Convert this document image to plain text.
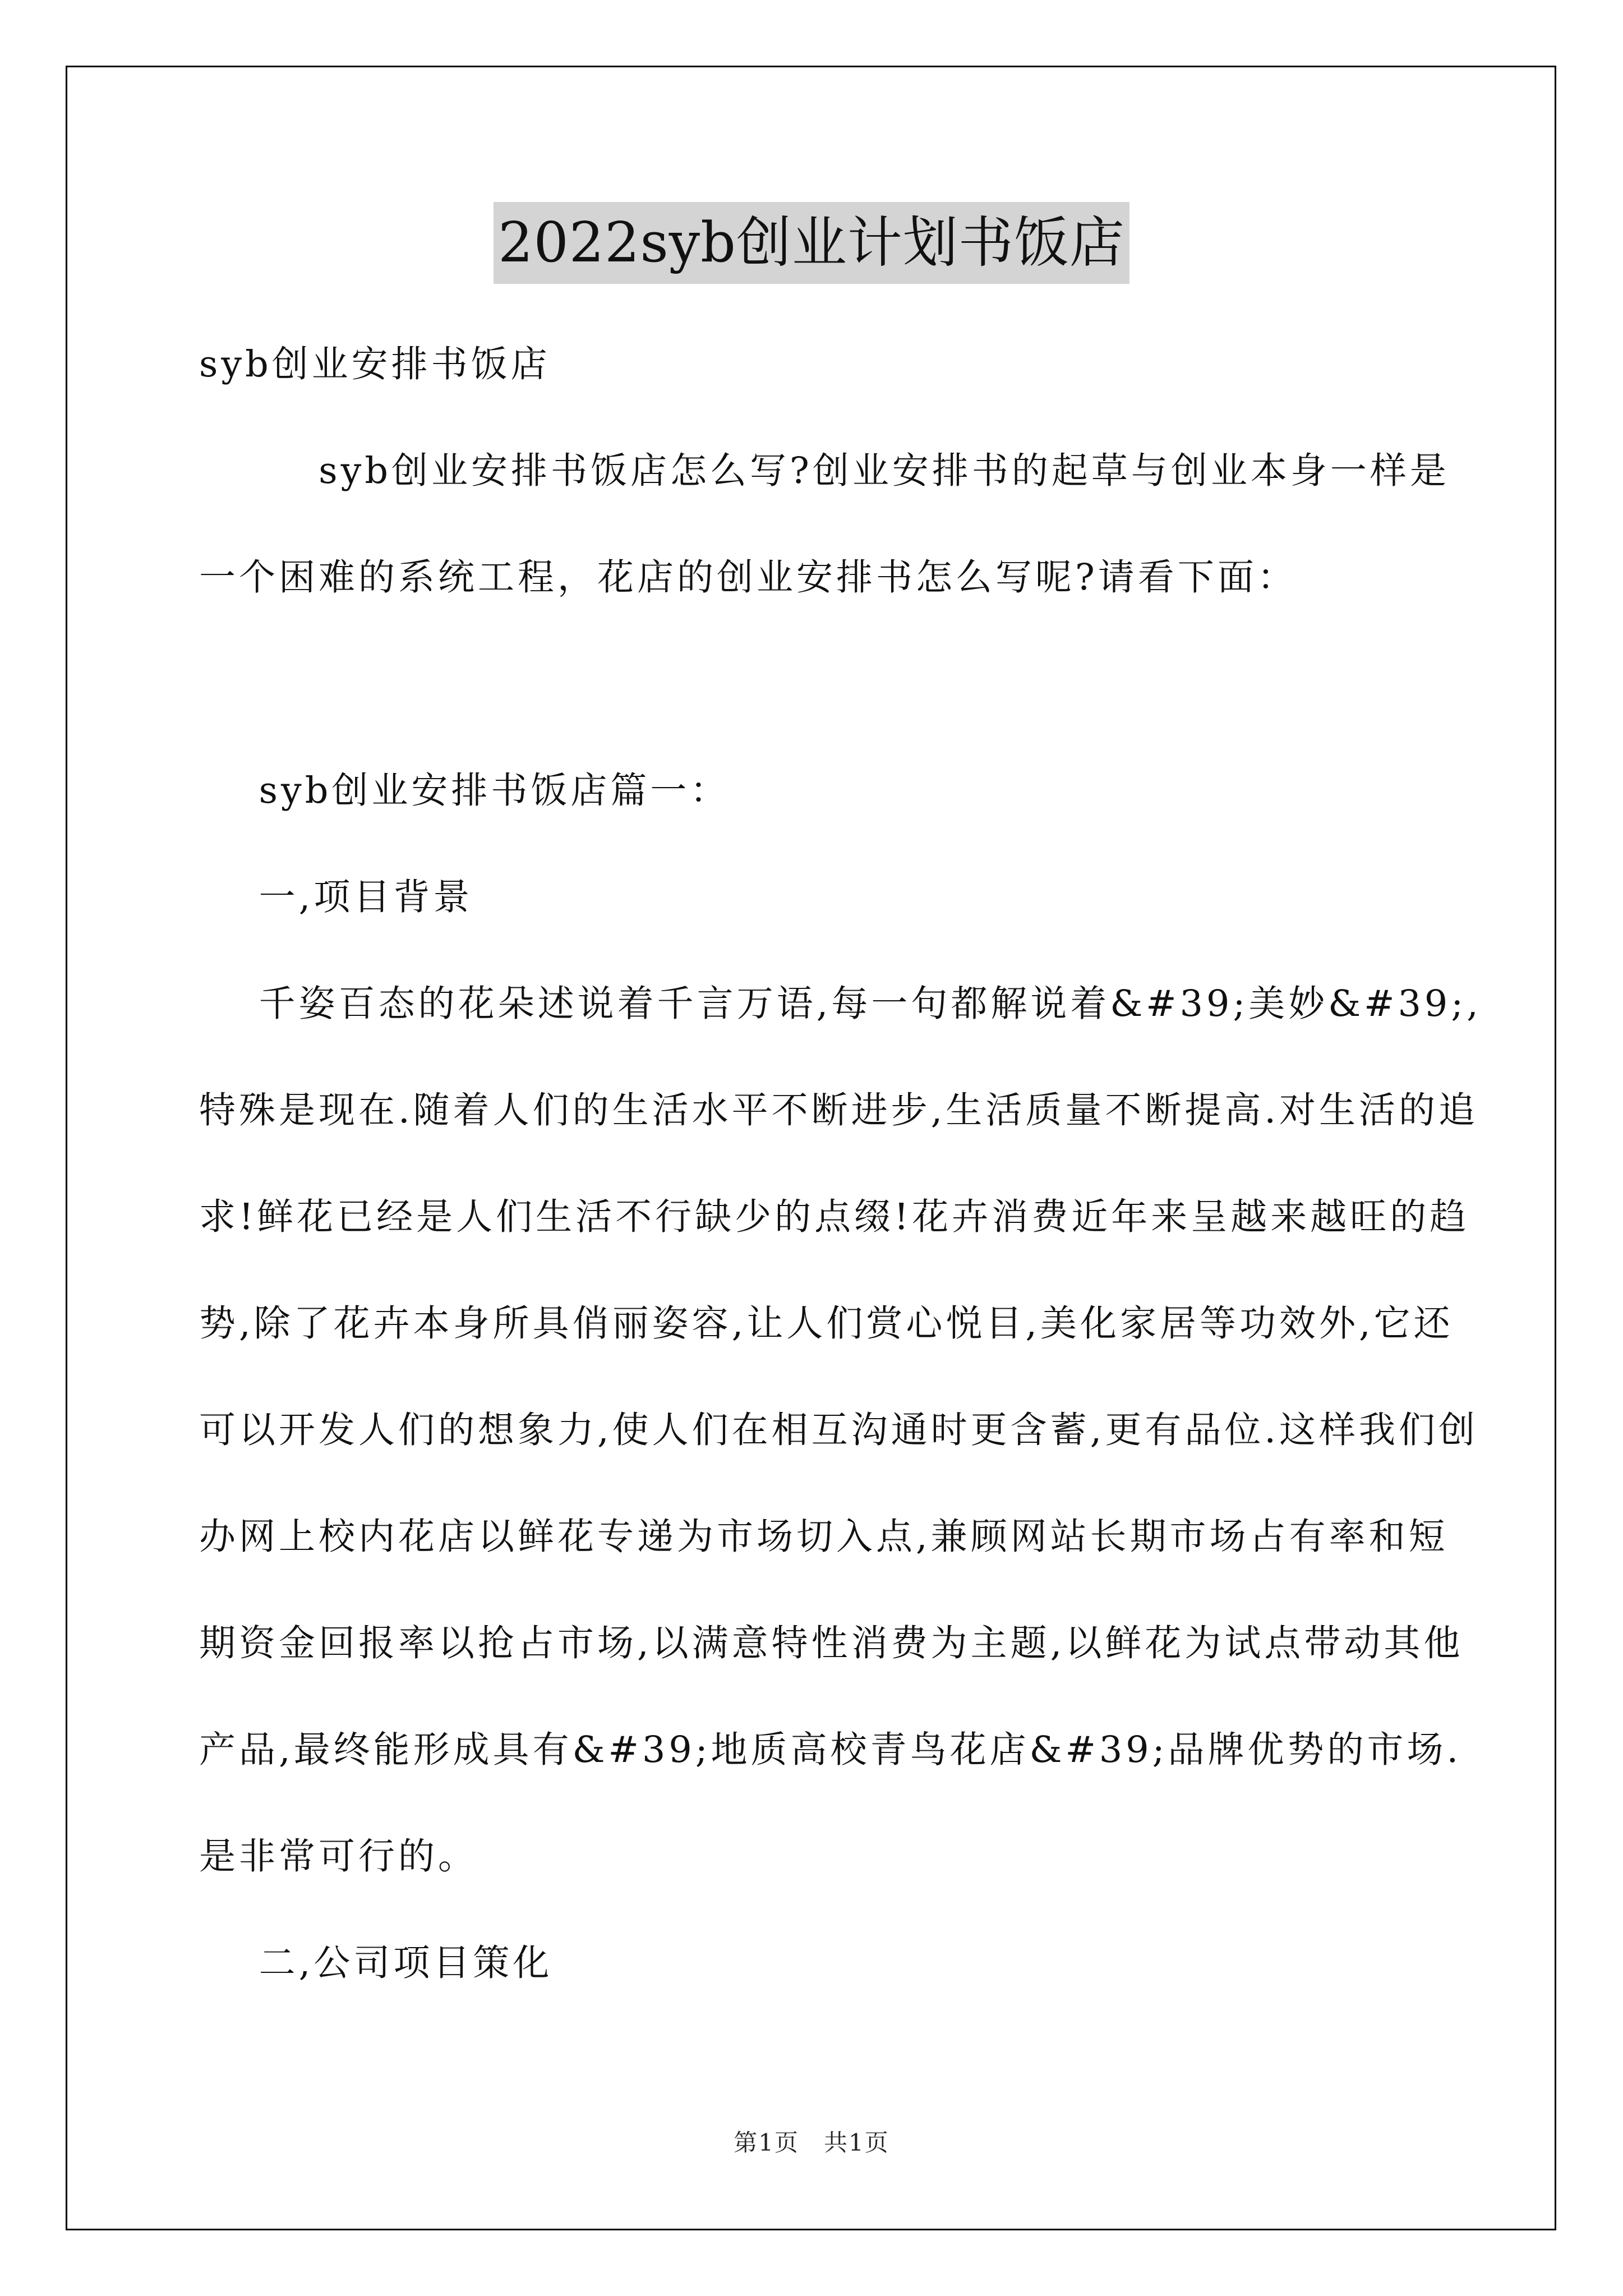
2022syb创业计划书饭店

syb创业安排书饭店

syb创业安排书饭店怎么写?创业安排书的起草与创业本身一样是一个困难的系统工程，花店的创业安排书怎么写呢?请看下面：

syb创业安排书饭店篇一：

一,项目背景

千姿百态的花朵述说着千言万语,每一句都解说着&#39;美妙&#39;,特殊是现在.随着人们的生活水平不断进步,生活质量不断提高.对生活的追求!鲜花已经是人们生活不行缺少的点缀!花卉消费近年来呈越来越旺的趋势,除了花卉本身所具俏丽姿容,让人们赏心悦目,美化家居等功效外,它还可以开发人们的想象力,使人们在相互沟通时更含蓄,更有品位.这样我们创办网上校内花店以鲜花专递为市场切入点,兼顾网站长期市场占有率和短期资金回报率以抢占市场,以满意特性消费为主题,以鲜花为试点带动其他产品,最终能形成具有&#39;地质高校青鸟花店&#39;品牌优势的市场.是非常可行的。

二,公司项目策化

第1页　共1页
